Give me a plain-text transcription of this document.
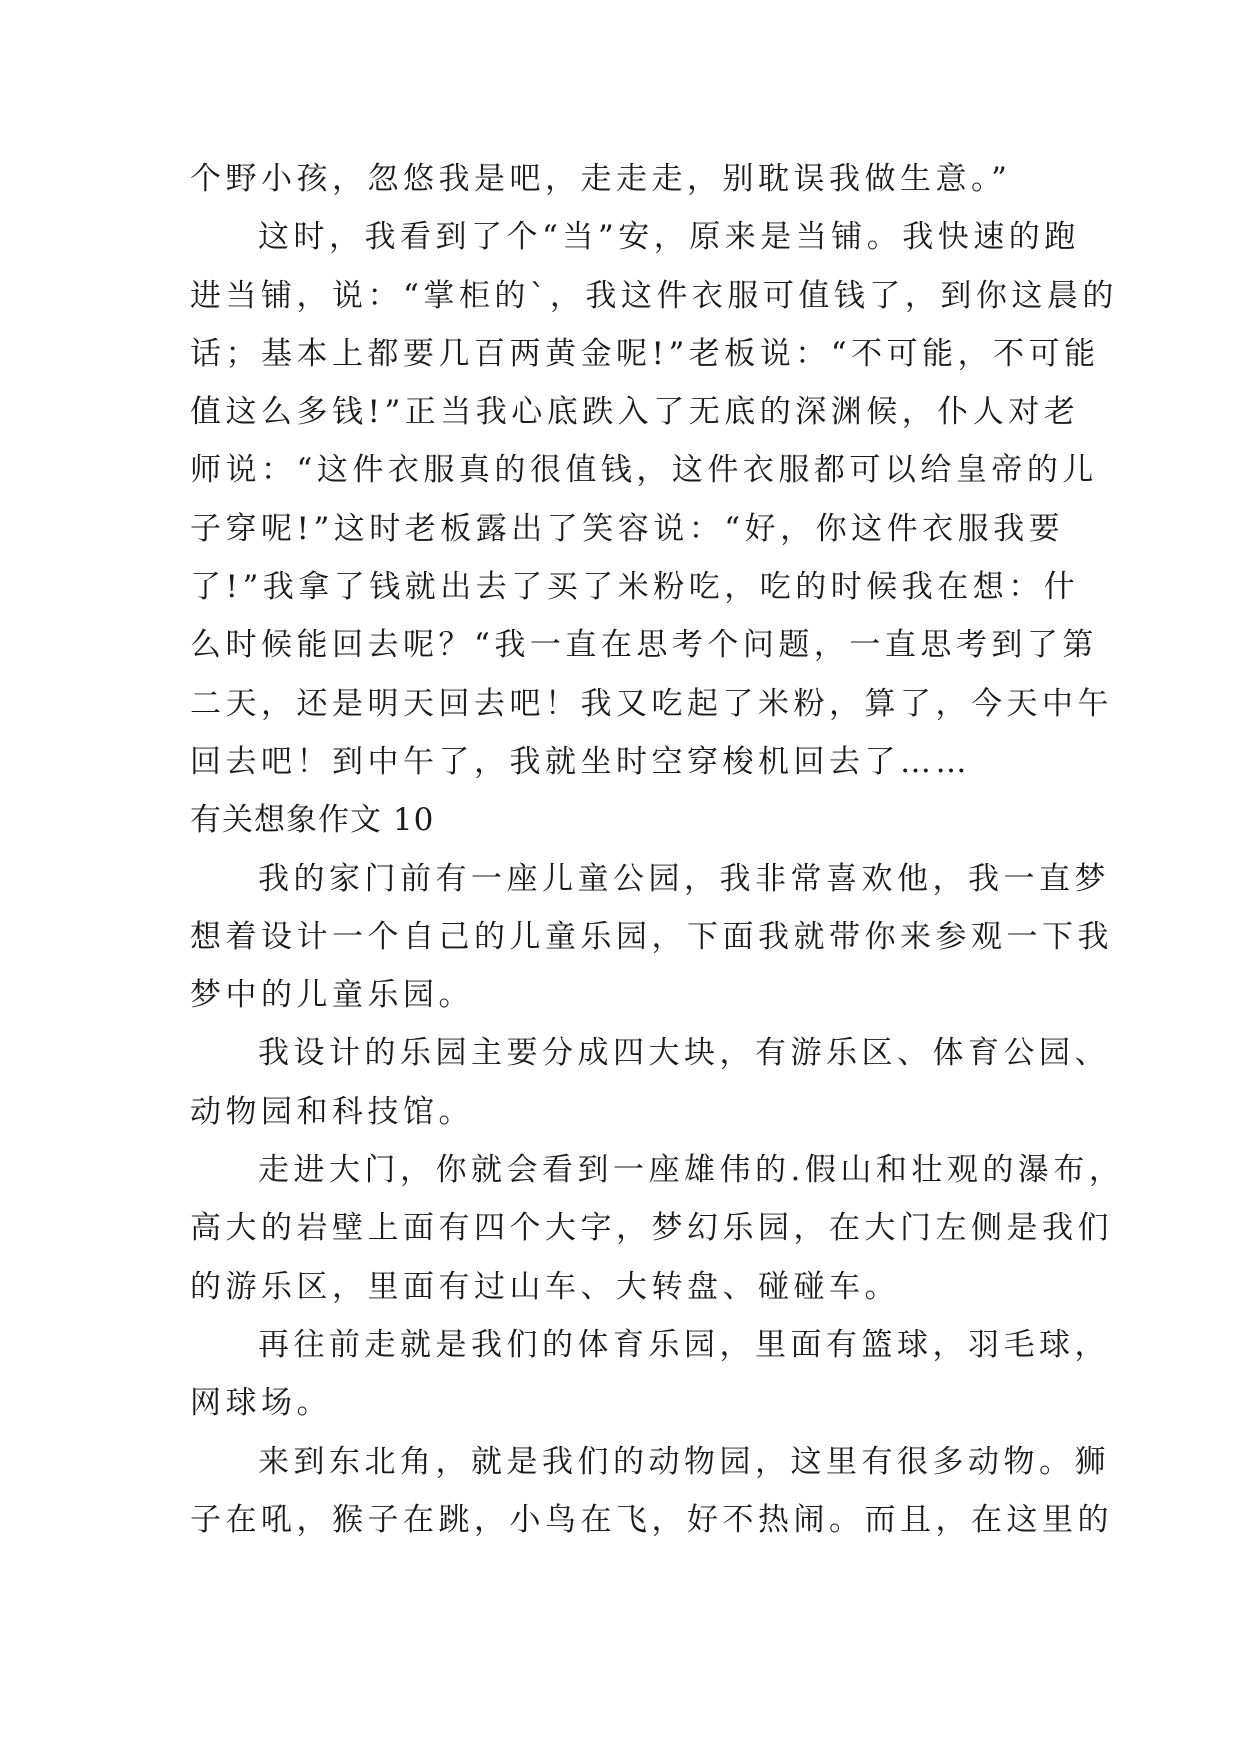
个野小孩，忽悠我是吧，走走走，别耽误我做生意。”
这时，我看到了个“当”安，原来是当铺。我快速的跑
进当铺，说：“掌柜的`，我这件衣服可值钱了，到你这晨的
话；基本上都要几百两黄金呢!”老板说：“不可能，不可能
值这么多钱!”正当我心底跌入了无底的深渊候，仆人对老
师说：“这件衣服真的很值钱，这件衣服都可以给皇帝的儿
子穿呢!”这时老板露出了笑容说：“好，你这件衣服我要
了!”我拿了钱就出去了买了米粉吃，吃的时候我在想：什
么时候能回去呢？“我一直在思考个问题，一直思考到了第
二天，还是明天回去吧！我又吃起了米粉，算了，今天中午
回去吧！到中午了，我就坐时空穿梭机回去了……
有关想象作文 10
我的家门前有一座儿童公园，我非常喜欢他，我一直梦
想着设计一个自己的儿童乐园，下面我就带你来参观一下我
梦中的儿童乐园。
我设计的乐园主要分成四大块，有游乐区、体育公园、
动物园和科技馆。
走进大门，你就会看到一座雄伟的.假山和壮观的瀑布，
高大的岩壁上面有四个大字，梦幻乐园，在大门左侧是我们
的游乐区，里面有过山车、大转盘、碰碰车。
再往前走就是我们的体育乐园，里面有篮球，羽毛球，
网球场。
来到东北角，就是我们的动物园，这里有很多动物。狮
子在吼，猴子在跳，小鸟在飞，好不热闹。而且，在这里的
